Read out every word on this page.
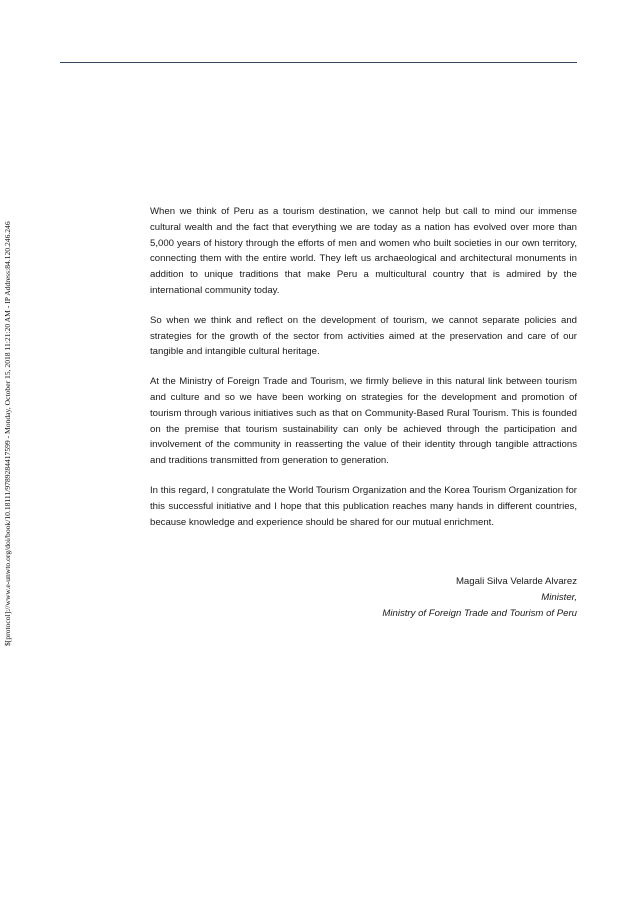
$[protocol]://www.e-unwto.org/doi/book/10.18111/9789284417599 - Monday, October 15, 2018 11:21:20 AM - IP Address:84.120.246.246

When we think of Peru as a tourism destination, we cannot help but call to mind our immense cultural wealth and the fact that everything we are today as a nation has evolved over more than 5,000 years of history through the efforts of men and women who built societies in our own territory, connecting them with the entire world. They left us archaeological and architectural monuments in addition to unique traditions that make Peru a multicultural country that is admired by the international community today.

So when we think and reflect on the development of tourism, we cannot separate policies and strategies for the growth of the sector from activities aimed at the preservation and care of our tangible and intangible cultural heritage.

At the Ministry of Foreign Trade and Tourism, we firmly believe in this natural link between tourism and culture and so we have been working on strategies for the development and promotion of tourism through various initiatives such as that on Community-Based Rural Tourism. This is founded on the premise that tourism sustainability can only be achieved through the participation and involvement of the community in reasserting the value of their identity through tangible attractions and traditions transmitted from generation to generation.

In this regard, I congratulate the World Tourism Organization and the Korea Tourism Organization for this successful initiative and I hope that this publication reaches many hands in different countries, because knowledge and experience should be shared for our mutual enrichment.

Magali Silva Velarde Alvarez
Minister,
Ministry of Foreign Trade and Tourism of Peru
